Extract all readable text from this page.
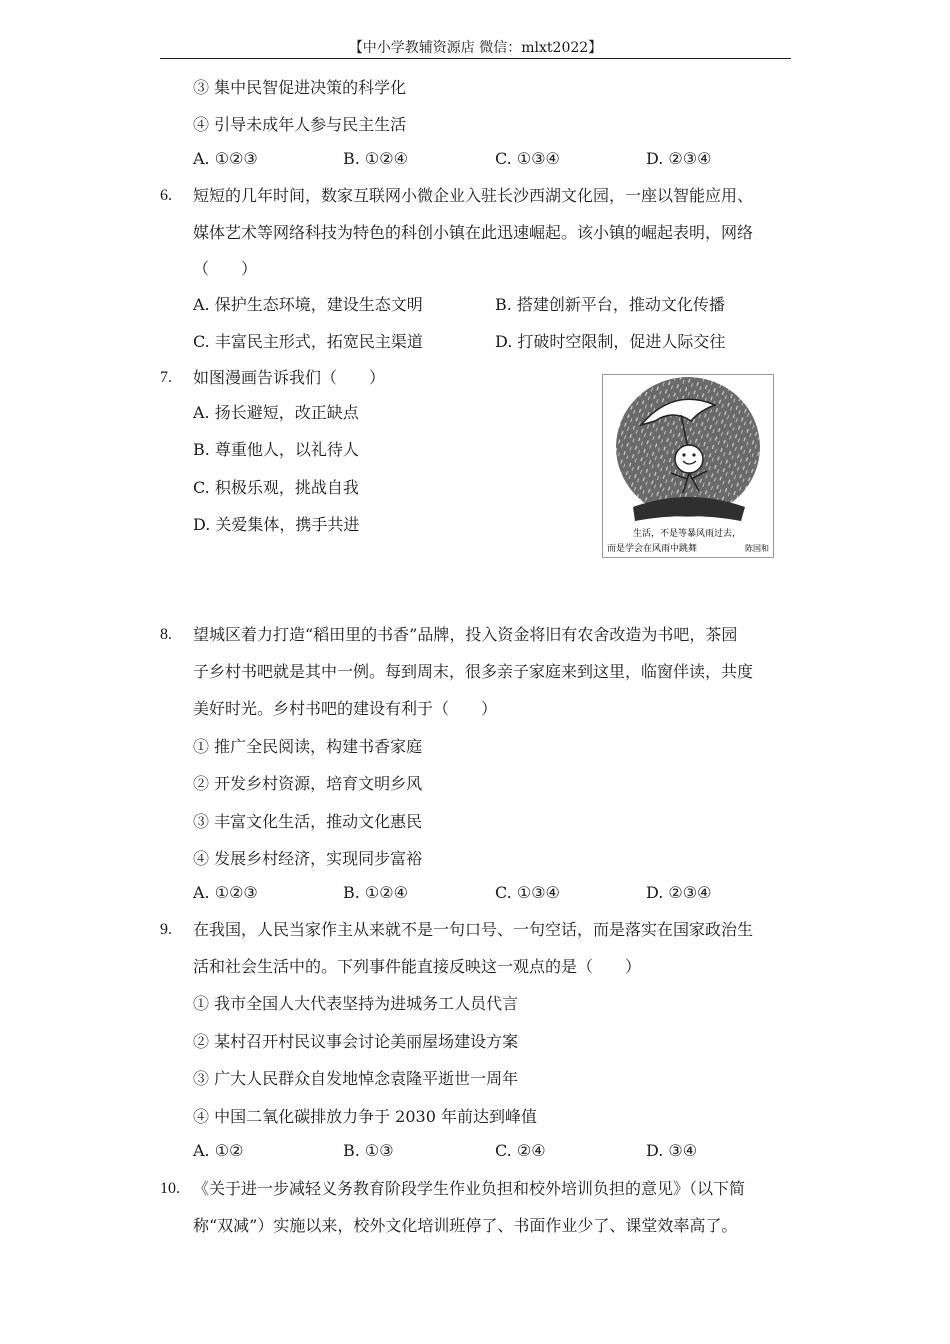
【中小学教辅资源店 微信：mlxt2022】
③ 集中民智促进决策的科学化
④ 引导未成年人参与民主生活
A. ①②③	B. ①②④	C. ①③④	D. ②③④
6. 短短的几年时间，数家互联网小微企业入驻长沙西湖文化园，一座以智能应用、
媒体艺术等网络科技为特色的科创小镇在此迅速崛起。该小镇的崛起表明，网络
（　　）
A. 保护生态环境，建设生态文明	B. 搭建创新平台，推动文化传播
C. 丰富民主形式，拓宽民主渠道	D. 打破时空限制，促进人际交往
7. 如图漫画告诉我们（　　）
A. 扬长避短，改正缺点
B. 尊重他人，以礼待人
C. 积极乐观，挑战自我
D. 关爱集体，携手共进	生活，不是等暴风雨过去，
而是学会在风雨中跳舞	陈国和
8. 望城区着力打造“稻田里的书香”品牌，投入资金将旧有农舍改造为书吧，茶园
子乡村书吧就是其中一例。每到周末，很多亲子家庭来到这里，临窗伴读，共度
美好时光。乡村书吧的建设有利于（　　）
① 推广全民阅读，构建书香家庭
② 开发乡村资源，培育文明乡风
③ 丰富文化生活，推动文化惠民
④ 发展乡村经济，实现同步富裕
A. ①②③	B. ①②④	C. ①③④	D. ②③④
9. 在我国，人民当家作主从来就不是一句口号、一句空话，而是落实在国家政治生
活和社会生活中的。下列事件能直接反映这一观点的是（　　）
① 我市全国人大代表坚持为进城务工人员代言
② 某村召开村民议事会讨论美丽屋场建设方案
③ 广大人民群众自发地悼念袁隆平逝世一周年
④ 中国二氧化碳排放力争于 2030 年前达到峰值
A. ①②	B. ①③	C. ②④	D. ③④
10. 《关于进一步减轻义务教育阶段学生作业负担和校外培训负担的意见》（以下简
称“双减”）实施以来，校外文化培训班停了、书面作业少了、课堂效率高了。
